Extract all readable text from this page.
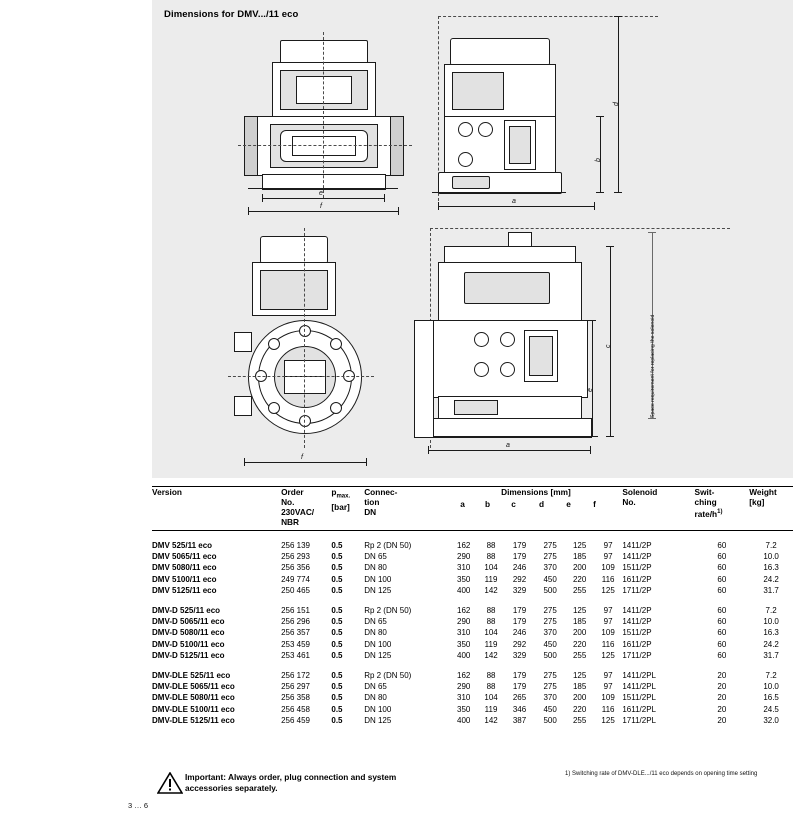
Dimensions for DMV.../11 eco
e
f
d
b
a
f
c
e
a
Space requirement for replacing the solenoid
Version	Order
No.
230VAC/
NBR	$p_{max.}$
[bar]	Connec-
tion
DN	Dimensions [mm]
a	b	c	d	e	f
	Solenoid
No.	Swit-
ching
rate/$h^{1)}$	Weight
[kg]

DMV 525/11 eco	256 139	0.5	Rp 2 (DN 50)	162	88	179	275	125	97	1411/2P	60	7.2
DMV 5065/11 eco	256 293	0.5	DN 65	290	88	179	275	185	97	1411/2P	60	10.0
DMV 5080/11 eco	256 356	0.5	DN 80	310	104	246	370	200	109	1511/2P	60	16.3
DMV 5100/11 eco	249 774	0.5	DN 100	350	119	292	450	220	116	1611/2P	60	24.2
DMV 5125/11 eco	250 465	0.5	DN 125	400	142	329	500	255	125	1711/2P	60	31.7

DMV-D 525/11 eco	256 151	0.5	Rp 2 (DN 50)	162	88	179	275	125	97	1411/2P	60	7.2
DMV-D 5065/11 eco	256 296	0.5	DN 65	290	88	179	275	185	97	1411/2P	60	10.0
DMV-D 5080/11 eco	256 357	0.5	DN 80	310	104	246	370	200	109	1511/2P	60	16.3
DMV-D 5100/11 eco	253 459	0.5	DN 100	350	119	292	450	220	116	1611/2P	60	24.2
DMV-D 5125/11 eco	253 461	0.5	DN 125	400	142	329	500	255	125	1711/2P	60	31.7

DMV-DLE 525/11 eco	256 172	0.5	Rp 2 (DN 50)	162	88	179	275	125	97	1411/2PL	20	7.2
DMV-DLE 5065/11 eco	256 297	0.5	DN 65	290	88	179	275	185	97	1411/2PL	20	10.0
DMV-DLE 5080/11 eco	256 358	0.5	DN 80	310	104	265	370	200	109	1511/2PL	20	16.5
DMV-DLE 5100/11 eco	256 458	0.5	DN 100	350	119	346	450	220	116	1611/2PL	20	24.5
DMV-DLE 5125/11 eco	256 459	0.5	DN 125	400	142	387	500	255	125	1711/2PL	20	32.0
1) Switching rate of DMV-DLE.../11 eco depends on opening time setting
Important: Always order, plug connection and system accessories separately.
3 … 6
